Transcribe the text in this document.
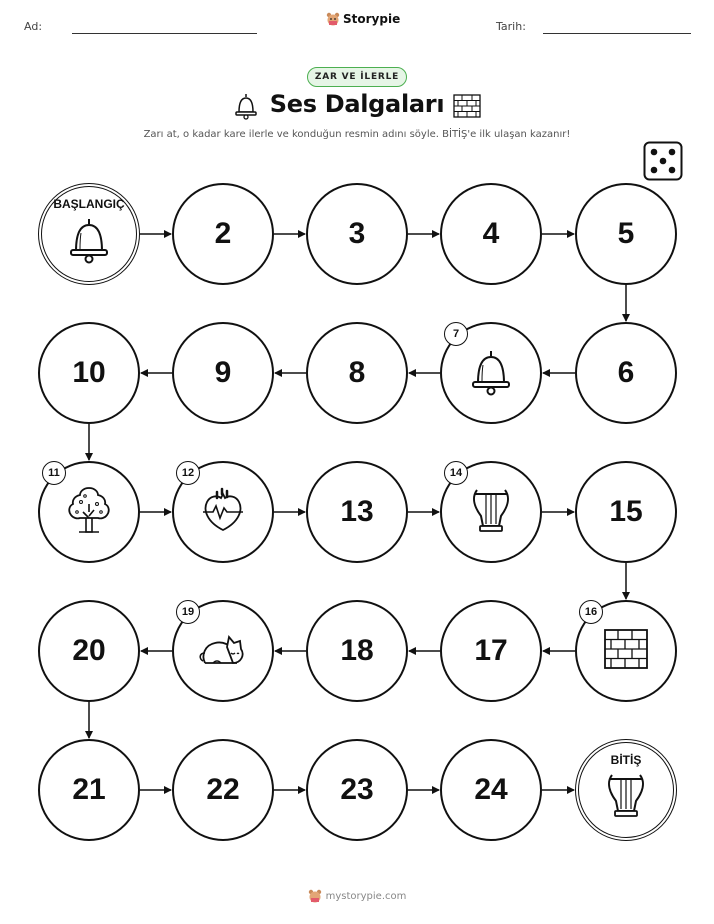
Ad:
Storypie
Tarih:
ZAR VE İLERLE
Ses Dalgaları
Zarı at, o kadar kare ilerle ve konduğun resmin adını söyle. BİTİŞ'e ilk ulaşan kazanır!
BAŞLANGIÇ
2	3	4	5
6
7
8
9
10
11	12
13
14
15
16
17
18
19
20
21	22	23	24
BİTİŞ
mystorypie.com
